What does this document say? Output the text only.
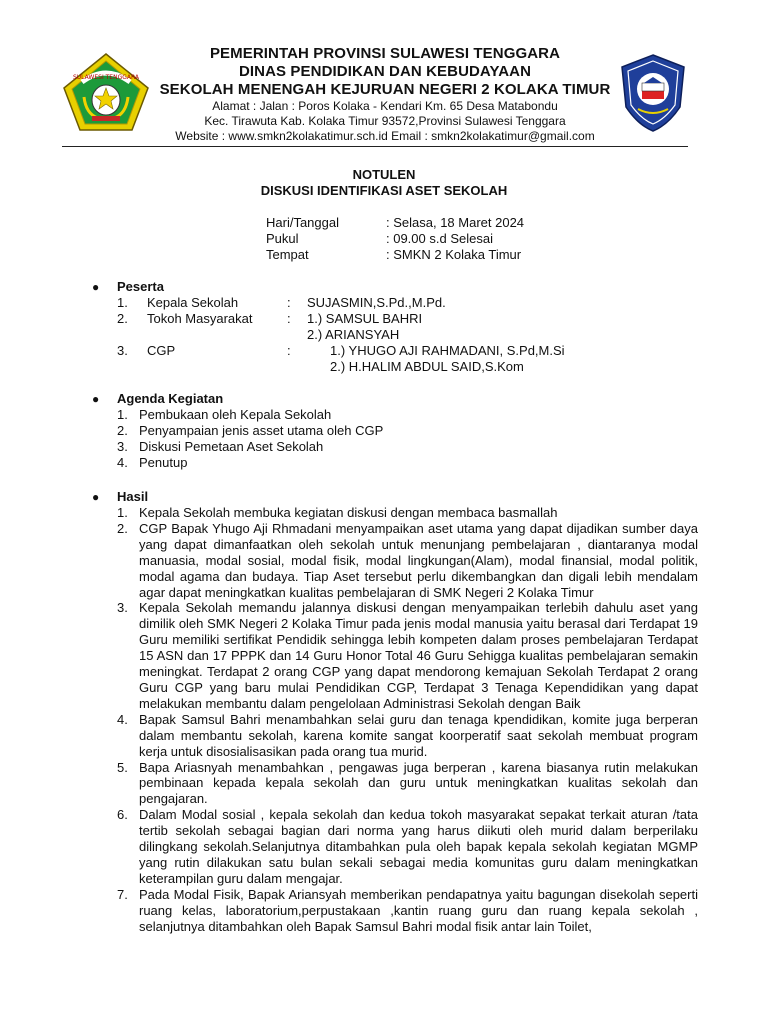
SULAWESI TENGGARA
PEMERINTAH PROVINSI SULAWESI TENGGARA
DINAS PENDIDIKAN DAN KEBUDAYAAN
SEKOLAH MENENGAH KEJURUAN NEGERI 2 KOLAKA TIMUR
Alamat : Jalan : Poros Kolaka - Kendari Km. 65 Desa Matabondu
Kec. Tirawuta Kab. Kolaka Timur 93572,Provinsi Sulawesi Tenggara
Website : www.smkn2kolakatimur.sch.id Email : smkn2kolakatimur@gmail.com
NOTULEN
DISKUSI IDENTIFIKASI ASET SEKOLAH
Hari/Tanggal	: Selasa, 18 Maret 2024
Pukul	: 09.00 s.d Selesai
Tempat	: SMKN 2 Kolaka Timur
● Peserta
1. Kepala Sekolah	: SUJASMIN,S.Pd.,M.Pd.
2. Tokoh Masyarakat	: 1.) SAMSUL BAHRI
2.) ARIANSYAH
3. CGP	:	1.) YHUGO AJI RAHMADANI, S.Pd,M.Si
2.) H.HALIM ABDUL SAID,S.Kom
● Agenda Kegiatan
1. Pembukaan oleh Kepala Sekolah
2. Penyampaian jenis asset utama oleh CGP
3. Diskusi Pemetaan Aset Sekolah
4. Penutup
● Hasil
1. Kepala Sekolah membuka kegiatan diskusi dengan membaca basmallah
2. CGP Bapak Yhugo Aji Rhmadani menyampaikan aset utama yang dapat dijadikan sumber daya yang dapat dimanfaatkan oleh sekolah untuk menunjang pembelajaran , diantaranya modal manuasia, modal sosial, modal fisik, modal lingkungan(Alam), modal finansial, modal politik, modal agama dan budaya. Tiap Aset tersebut perlu dikembangkan dan digali lebih mendalam agar dapat meningkatkan kualitas pembelajaran di SMK Negeri 2 Kolaka Timur
3. Kepala Sekolah memandu jalannya diskusi dengan menyampaikan terlebih dahulu aset yang dimilik oleh SMK Negeri 2 Kolaka Timur pada jenis modal manusia yaitu berasal dari Terdapat 19 Guru memiliki sertifikat Pendidik sehingga lebih kompeten dalam proses pembelajaran Terdapat 15 ASN dan 17 PPPK dan 14 Guru Honor Total 46 Guru Sehigga kualitas pembelajaran semakin meningkat. Terdapat 2 orang CGP yang dapat mendorong kemajuan Sekolah Terdapat 2 orang Guru CGP yang baru mulai Pendidikan CGP, Terdapat 3 Tenaga Kependidikan yang dapat melakukan membantu dalam pengelolaan Administrasi Sekolah dengan Baik
4. Bapak Samsul Bahri menambahkan selai guru dan tenaga kpendidikan, komite juga berperan dalam membantu sekolah, karena komite sangat koorperatif saat sekolah membuat program kerja untuk disosialisasikan pada orang tua murid.
5. Bapa Ariasnyah menambahkan , pengawas juga berperan , karena biasanya rutin melakukan pembinaan kepada kepala sekolah dan guru untuk meningkatkan kualitas sekolah dan pengajaran.
6. Dalam Modal sosial , kepala sekolah dan kedua tokoh masyarakat sepakat terkait aturan /tata tertib sekolah sebagai bagian dari norma yang harus diikuti oleh murid dalam berperilaku dilingkang sekolah.Selanjutnya ditambahkan pula oleh bapak kepala sekolah kegiatan MGMP yang rutin dilakukan satu bulan sekali sebagai media komunitas guru dalam meningkatkan keterampilan guru dalam mengajar.
7. Pada Modal Fisik, Bapak Ariansyah memberikan pendapatnya yaitu bagungan disekolah seperti ruang kelas, laboratorium,perpustakaan ,kantin ruang guru dan ruang kepala sekolah , selanjutnya ditambahkan oleh Bapak Samsul Bahri modal fisik antar lain Toilet,
